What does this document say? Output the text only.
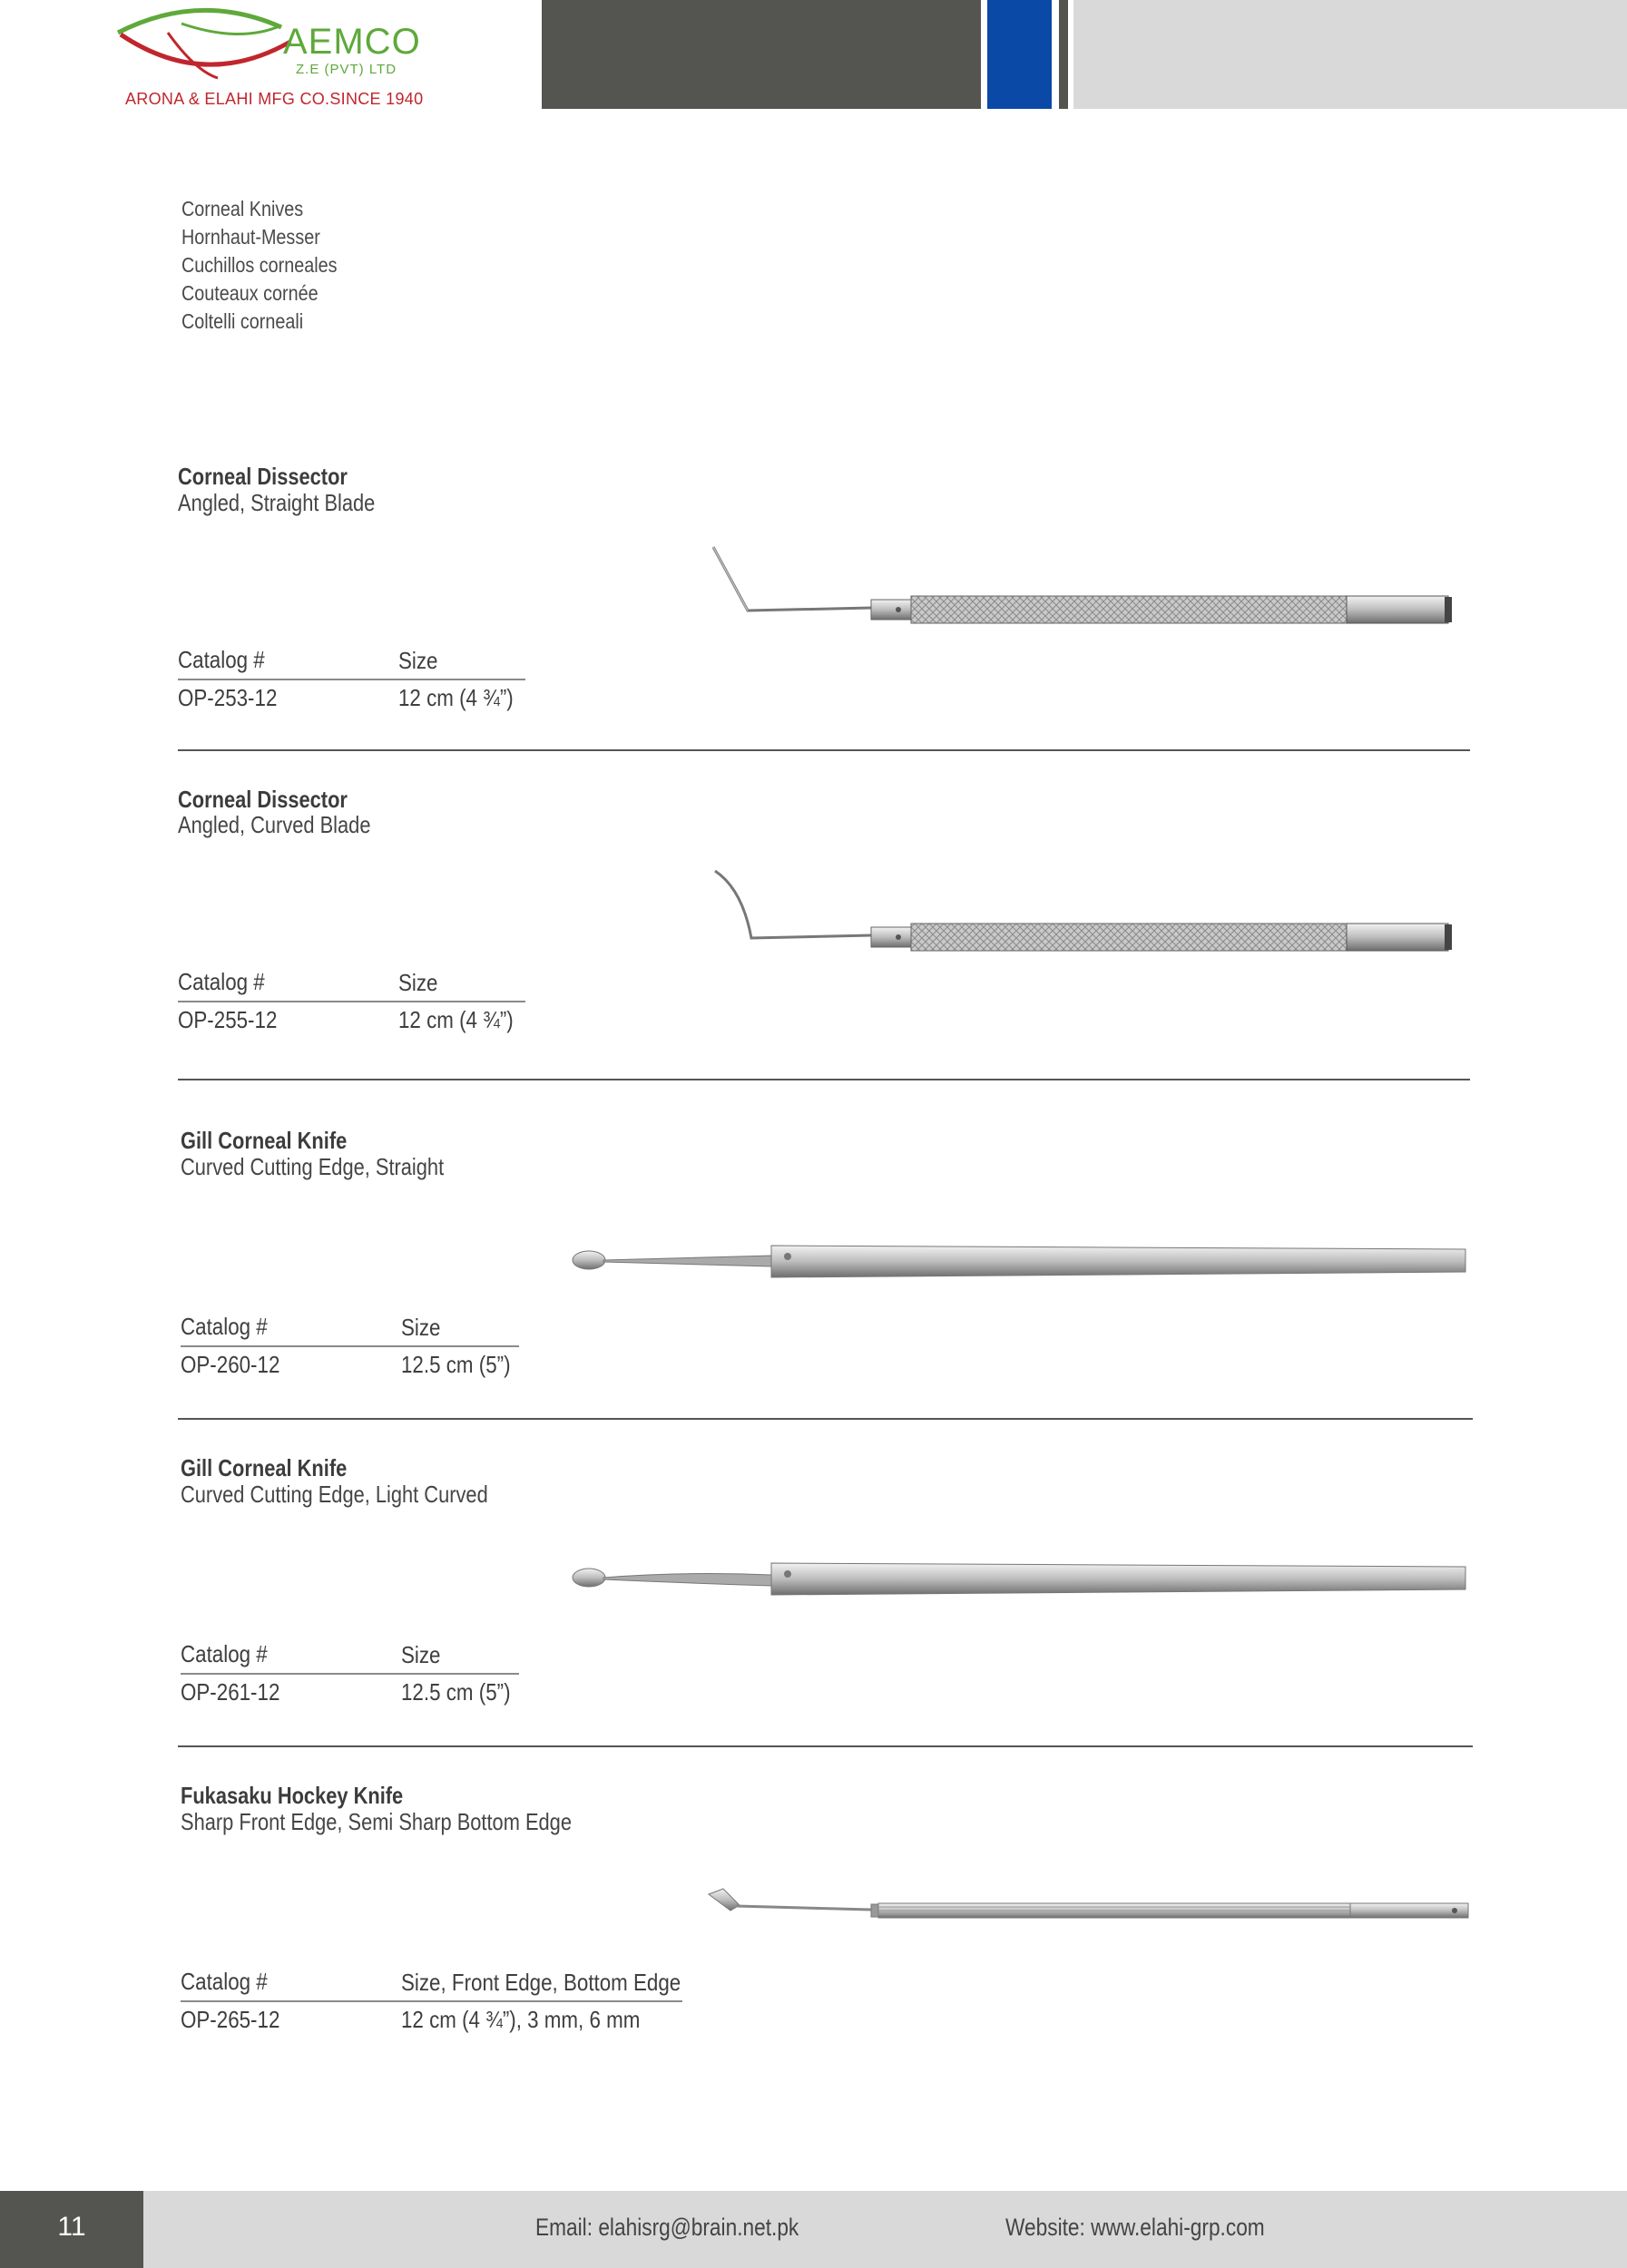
AEMCO
Z.E (PVT) LTD
ARONA & ELAHI MFG CO.SINCE 1940
Corneal Knives
Hornhaut-Messer
Cuchillos corneales
Couteaux cornée
Coltelli corneali
Corneal Dissector
Angled, Straight Blade
Catalog #	Size
OP-253-12	12 cm (4 ¾”)
Corneal Dissector
Angled, Curved Blade
Catalog #	Size
OP-255-12	12 cm (4 ¾”)
Gill Corneal Knife
Curved Cutting Edge, Straight
Catalog #	Size
OP-260-12	12.5 cm (5”)
Gill Corneal Knife
Curved Cutting Edge, Light Curved
Catalog #	Size
OP-261-12	12.5 cm (5”)
Fukasaku Hockey Knife
Sharp Front Edge, Semi Sharp Bottom Edge
Catalog #	Size, Front Edge, Bottom Edge
OP-265-12	12 cm (4 ¾”), 3 mm, 6 mm
11	Email: elahisrg@brain.net.pk	Website: www.elahi-grp.com
